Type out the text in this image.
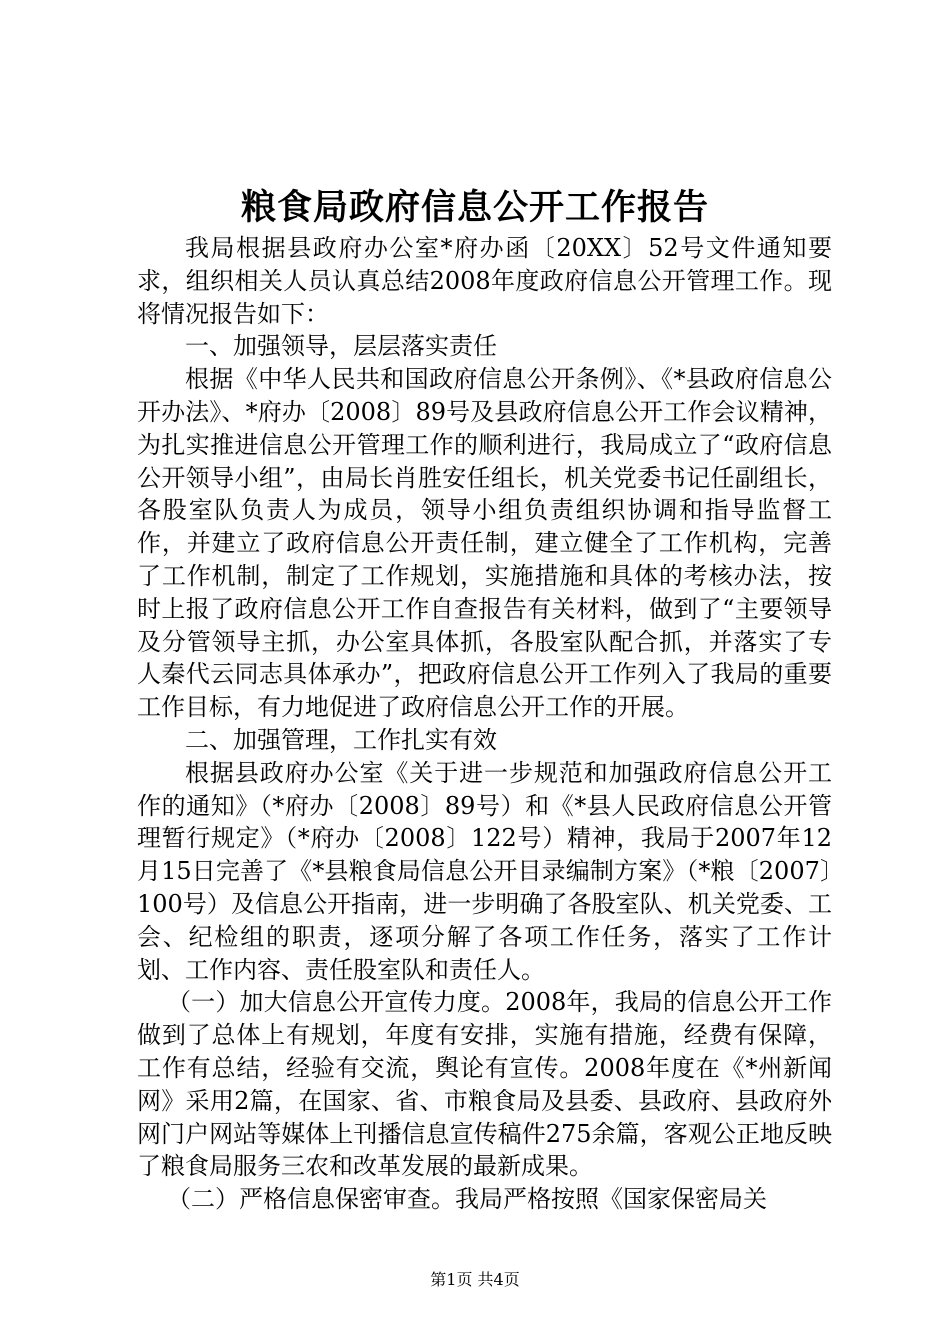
粮食局政府信息公开工作报告

我局根据县政府办公室*府办函〔20XX〕52号文件通知要求，组织相关人员认真总结2008年度政府信息公开管理工作。现将情况报告如下：

一、加强领导，层层落实责任

根据《中华人民共和国政府信息公开条例》、《*县政府信息公开办法》、*府办〔2008〕89号及县政府信息公开工作会议精神，为扎实推进信息公开管理工作的顺利进行，我局成立了“政府信息公开领导小组”，由局长肖胜安任组长，机关党委书记任副组长，各股室队负责人为成员，领导小组负责组织协调和指导监督工作，并建立了政府信息公开责任制，建立健全了工作机构，完善了工作机制，制定了工作规划，实施措施和具体的考核办法，按时上报了政府信息公开工作自查报告有关材料，做到了“主要领导及分管领导主抓，办公室具体抓，各股室队配合抓，并落实了专人秦代云同志具体承办”，把政府信息公开工作列入了我局的重要工作目标，有力地促进了政府信息公开工作的开展。

二、加强管理，工作扎实有效

根据县政府办公室《关于进一步规范和加强政府信息公开工作的通知》（*府办〔2008〕89号）和《*县人民政府信息公开管理暂行规定》（*府办〔2008〕122号）精神，我局于2007年12月15日完善了《*县粮食局信息公开目录编制方案》（*粮〔2007〕100号）及信息公开指南，进一步明确了各股室队、机关党委、工会、纪检组的职责，逐项分解了各项工作任务，落实了工作计划、工作内容、责任股室队和责任人。

（一）加大信息公开宣传力度。2008年，我局的信息公开工作做到了总体上有规划，年度有安排，实施有措施，经费有保障，工作有总结，经验有交流，舆论有宣传。2008年度在《*州新闻网》采用2篇，在国家、省、市粮食局及县委、县政府、县政府外网门户网站等媒体上刊播信息宣传稿件275余篇，客观公正地反映了粮食局服务三农和改革发展的最新成果。

（二）严格信息保密审查。我局严格按照《国家保密局关

第1页 共4页
